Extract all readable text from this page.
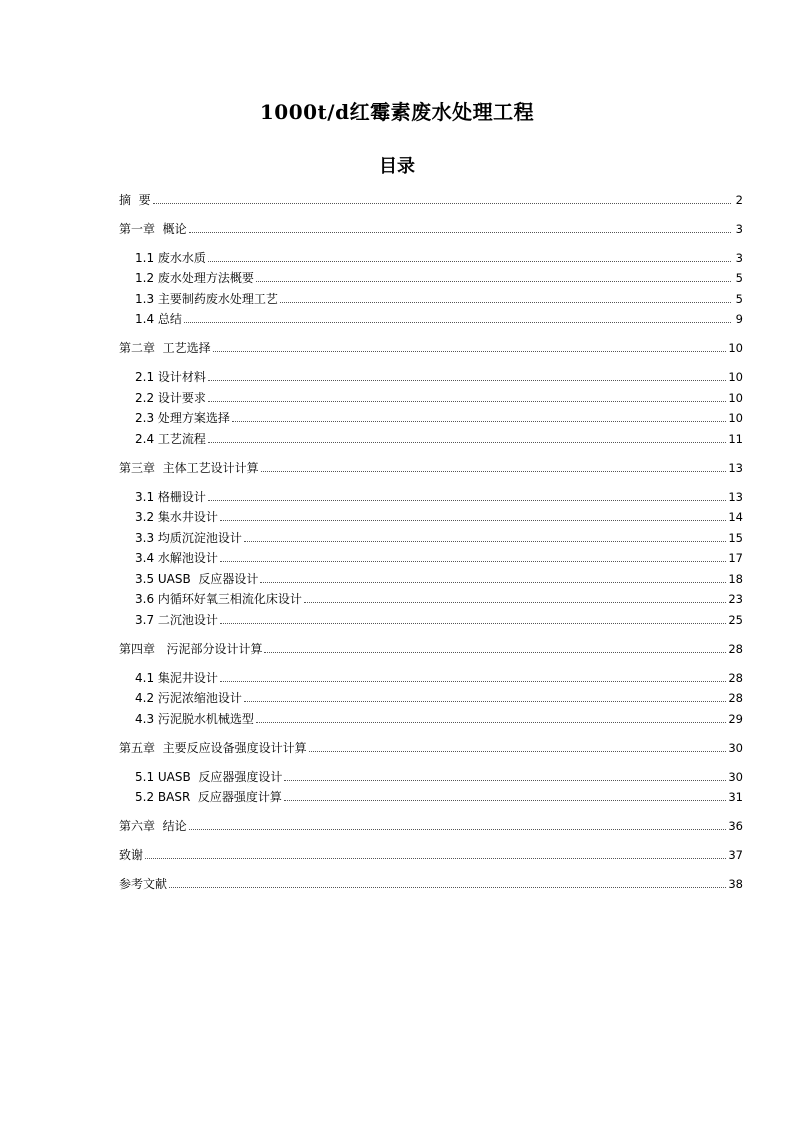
1000t/d红霉素废水处理工程
目录
摘  要	2
第一章  概论	3
1.1 废水水质	3
1.2 废水处理方法概要	5
1.3 主要制药废水处理工艺	5
1.4 总结	9
第二章  工艺选择	10
2.1 设计材料	10
2.2 设计要求	10
2.3 处理方案选择	10
2.4 工艺流程	11
第三章  主体工艺设计计算	13
3.1 格栅设计	13
3.2 集水井设计	14
3.3 均质沉淀池设计	15
3.4 水解池设计	17
3.5 UASB  反应器设计	18
3.6 内循环好氧三相流化床设计	23
3.7 二沉池设计	25
第四章   污泥部分设计计算	28
4.1 集泥井设计	28
4.2 污泥浓缩池设计	28
4.3 污泥脱水机械选型	29
第五章  主要反应设备强度设计计算	30
5.1 UASB  反应器强度设计	30
5.2 BASR  反应器强度计算	31
第六章  结论	36
致谢	37
参考文献	38
